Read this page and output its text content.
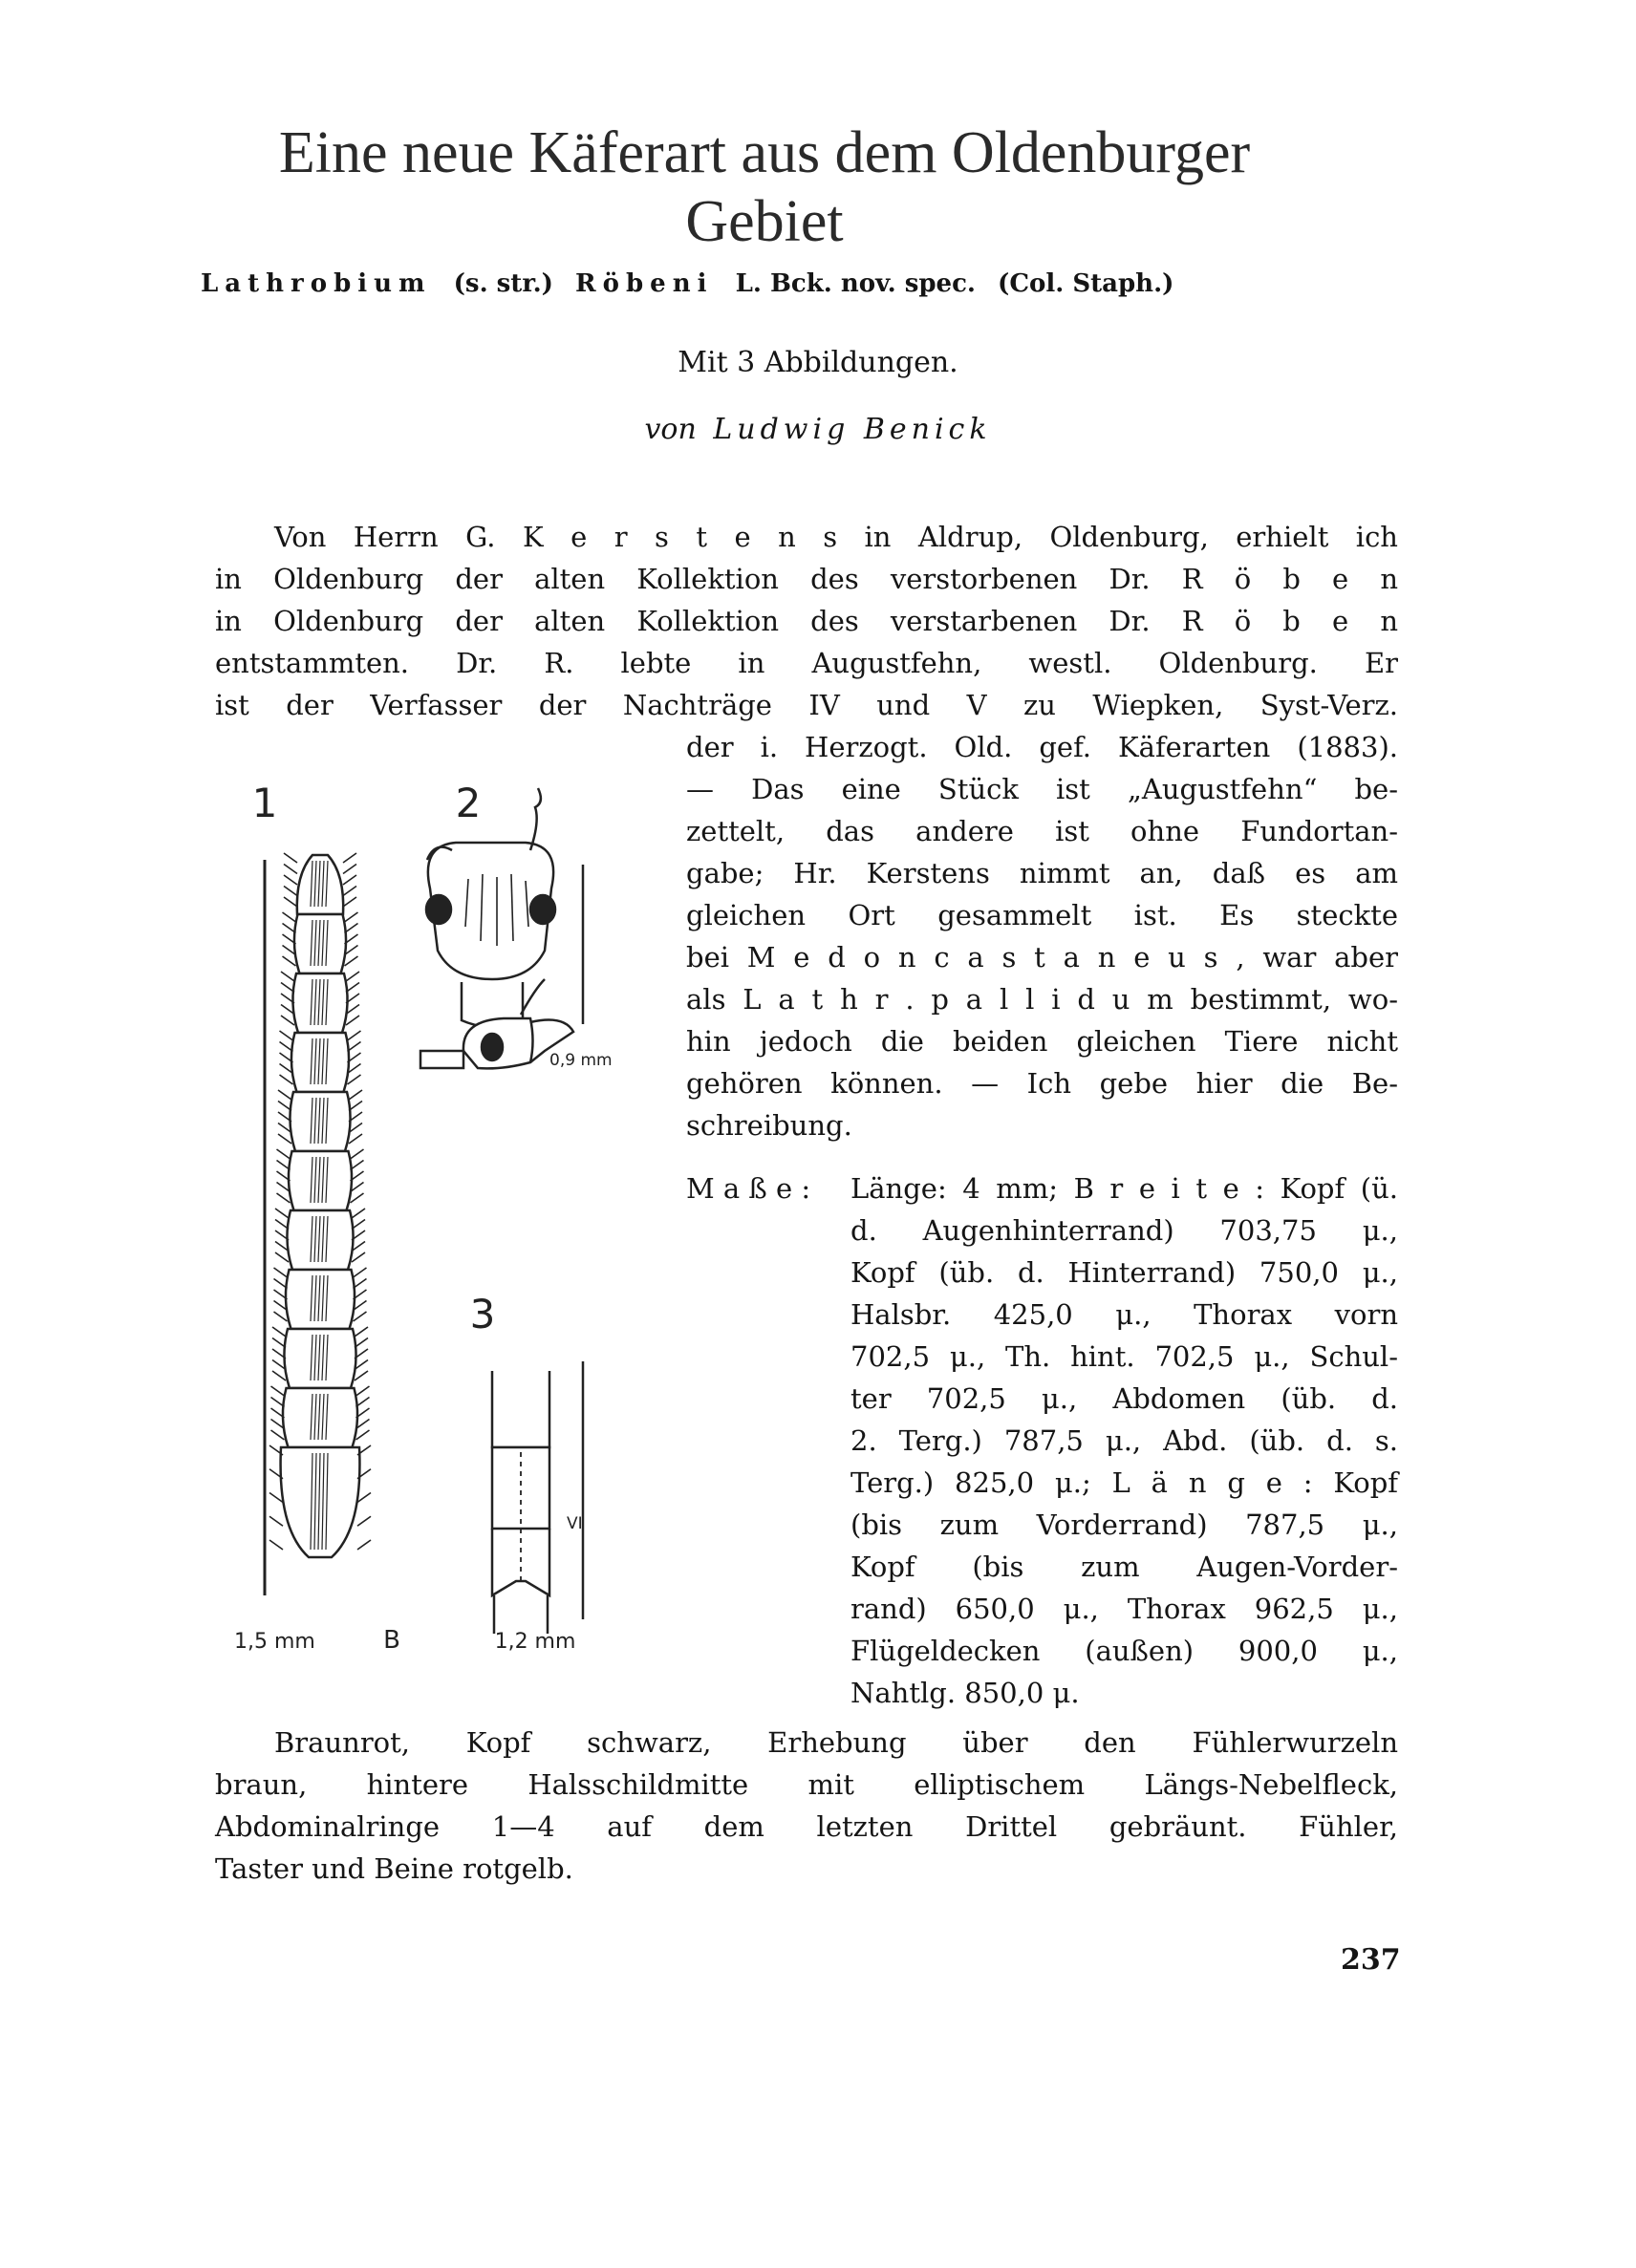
Eine neue Käferart aus dem Oldenburger
Gebiet
Lathrobium (s. str.) Röbeni L. Bck. nov. spec. (Col. Staph.)
Mit 3 Abbildungen.
von Ludwig Benick
Von Herrn G. K e r s t e n s in Aldrup, Oldenburg, erhielt ich
in Oldenburg der alten Kollektion des verstorbenen Dr. R ö b e n
in Oldenburg der alten Kollektion des verstarbenen Dr. R ö b e n
entstammten. Dr. R. lebte in Augustfehn, westl. Oldenburg. Er
ist der Verfasser der Nachträge IV und V zu Wiepken, Syst-Verz.
der i. Herzogt. Old. gef. Käferarten (1883).
— Das eine Stück ist „Augustfehn“ be-
zettelt, das andere ist ohne Fundortan-
gabe; Hr. Kerstens nimmt an, daß es am
gleichen Ort gesammelt ist. Es steckte
bei M e d o n c a s t a n e u s , war aber
als L a t h r . p a l l i d u m bestimmt, wo-
hin jedoch die beiden gleichen Tiere nicht
gehören können. — Ich gebe hier die Be-
schreibung.
M a ß e : Länge: 4 mm; B r e i t e : Kopf (ü.
d. Augenhinterrand) 703,75 μ.,
Kopf (üb. d. Hinterrand) 750,0 μ.,
Halsbr. 425,0 μ., Thorax vorn
702,5 μ., Th. hint. 702,5 μ., Schul-
ter 702,5 μ., Abdomen (üb. d.
2. Terg.) 787,5 μ., Abd. (üb. d. s.
Terg.) 825,0 μ.; L ä n g e : Kopf
(bis zum Vorderrand) 787,5 μ.,
Kopf (bis zum Augen-Vorder-
rand) 650,0 μ., Thorax 962,5 μ.,
Flügeldecken (außen) 900,0 μ.,
Nahtlg. 850,0 μ.
Braunrot, Kopf schwarz, Erhebung über den Fühlerwurzeln
braun, hintere Halsschildmitte mit elliptischem Längs-Nebelfleck,
Abdominalringe 1—4 auf dem letzten Drittel gebräunt. Fühler,
Taster und Beine rotgelb.
1	2
3
0,9 mm
VI
1,5 mm	B	1,2 mm
237
